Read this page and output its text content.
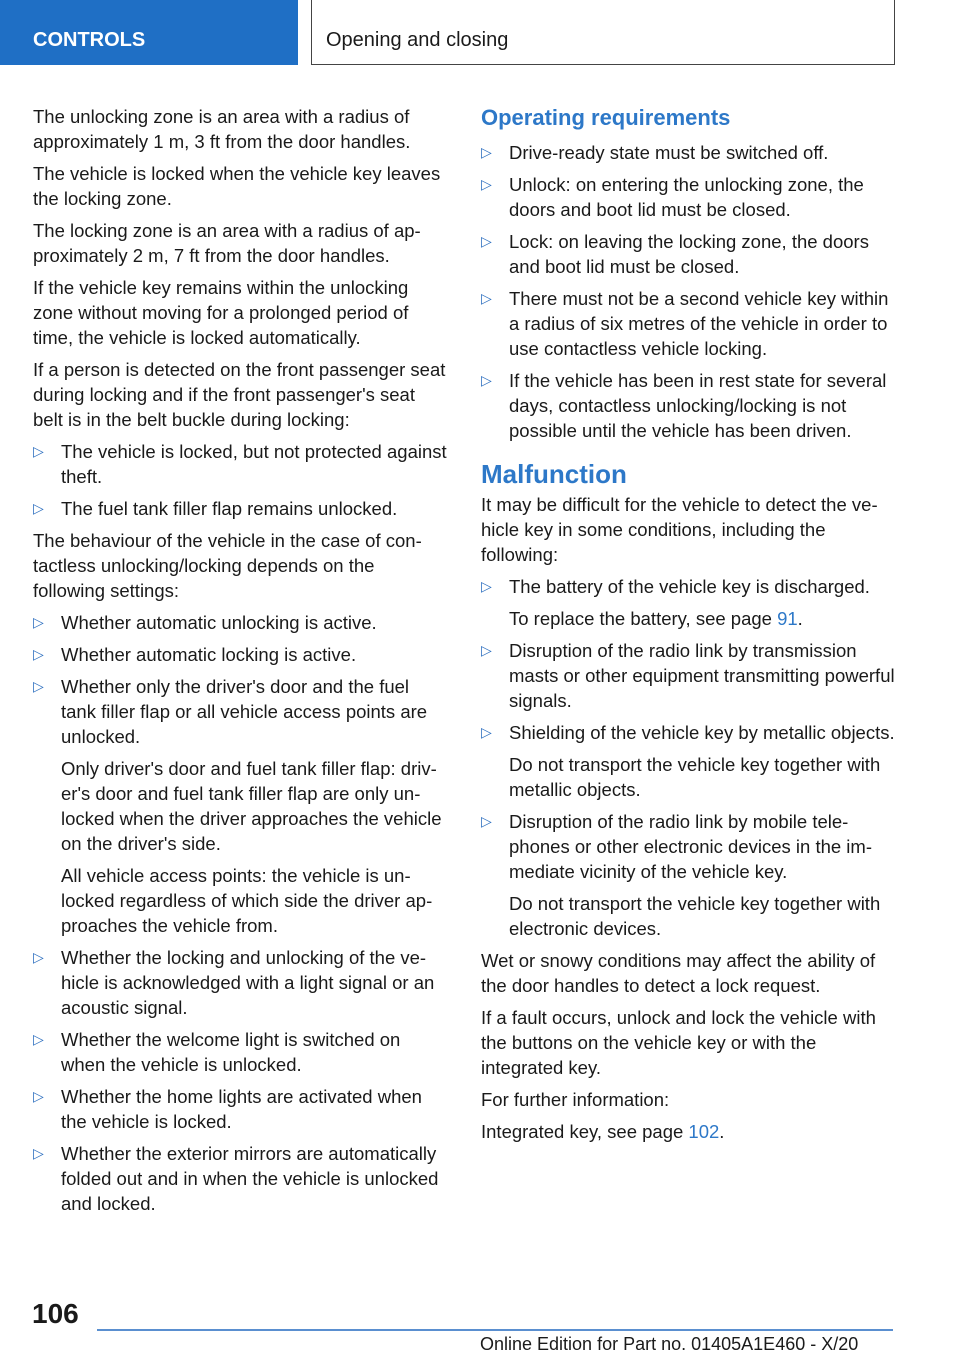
CONTROLS	Opening and closing

The unlocking zone is an area with a radius of approximately 1 m, 3 ft from the door handles.

The vehicle is locked when the vehicle key leaves the locking zone.

The locking zone is an area with a radius of approximately 2 m, 7 ft from the door handles.

If the vehicle key remains within the unlocking zone without moving for a prolonged period of time, the vehicle is locked automatically.

If a person is detected on the front passenger seat during locking and if the front passenger's seat belt is in the belt buckle during locking:

▷ The vehicle is locked, but not protected against theft.
▷ The fuel tank filler flap remains unlocked.

The behaviour of the vehicle in the case of contactless unlocking/locking depends on the following settings:

▷ Whether automatic unlocking is active.
▷ Whether automatic locking is active.
▷ Whether only the driver's door and the fuel tank filler flap or all vehicle access points are unlocked.
Only driver's door and fuel tank filler flap: driver's door and fuel tank filler flap are only unlocked when the driver approaches the vehicle on the driver's side.
All vehicle access points: the vehicle is unlocked regardless of which side the driver approaches the vehicle from.
▷ Whether the locking and unlocking of the vehicle is acknowledged with a light signal or an acoustic signal.
▷ Whether the welcome light is switched on when the vehicle is unlocked.
▷ Whether the home lights are activated when the vehicle is locked.
▷ Whether the exterior mirrors are automatically folded out and in when the vehicle is unlocked and locked.
Operating requirements
▷ Drive-ready state must be switched off.
▷ Unlock: on entering the unlocking zone, the doors and boot lid must be closed.
▷ Lock: on leaving the locking zone, the doors and boot lid must be closed.
▷ There must not be a second vehicle key within a radius of six metres of the vehicle in order to use contactless vehicle locking.
▷ If the vehicle has been in rest state for several days, contactless unlocking/locking is not possible until the vehicle has been driven.
Malfunction

It may be difficult for the vehicle to detect the vehicle key in some conditions, including the following:

▷ The battery of the vehicle key is discharged.
To replace the battery, see page 91.
▷ Disruption of the radio link by transmission masts or other equipment transmitting powerful signals.
▷ Shielding of the vehicle key by metallic objects.
Do not transport the vehicle key together with metallic objects.
▷ Disruption of the radio link by mobile telephones or other electronic devices in the immediate vicinity of the vehicle key.
Do not transport the vehicle key together with electronic devices.

Wet or snowy conditions may affect the ability of the door handles to detect a lock request.

If a fault occurs, unlock and lock the vehicle with the buttons on the vehicle key or with the integrated key.

For further information:

Integrated key, see page 102.

106
Online Edition for Part no. 01405A1E460 - X/20
